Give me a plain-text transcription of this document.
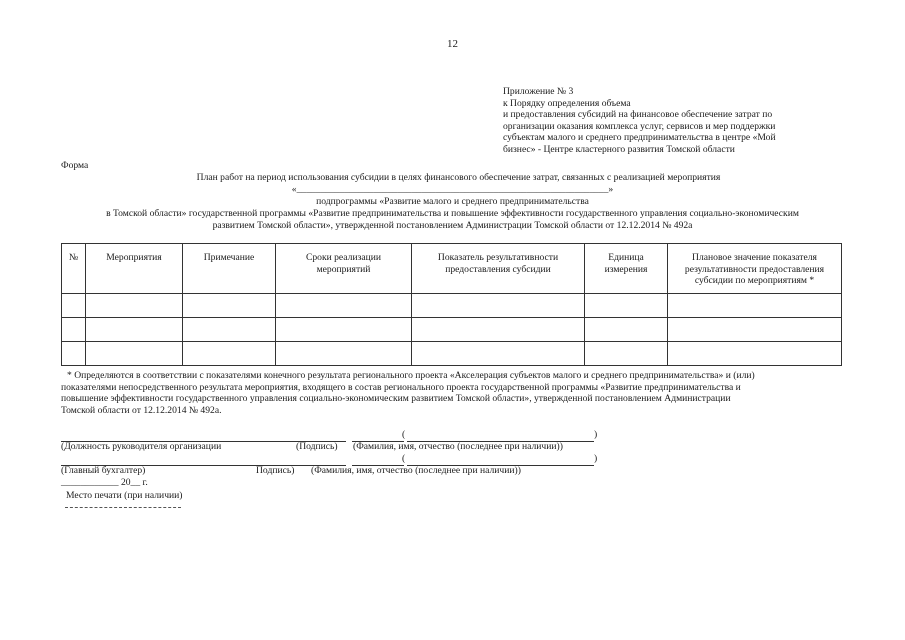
12
Приложение № 3
к Порядку определения объема
и предоставления субсидий на финансовое обеспечение затрат по
организации оказания комплекса услуг, сервисов и мер поддержки
субъектам малого и среднего предпринимательства в центре «Мой
бизнес» - Центре кластерного развития Томской области
Форма
План работ на период использования субсидии в целях финансового обеспечение затрат, связанных с реализацией мероприятия
«_________________________________________________________________»
подпрограммы «Развитие малого и среднего предпринимательства
в Томской области» государственной программы «Развитие предпринимательства и повышение эффективности государственного управления социально-экономическим
развитием Томской области», утвержденной постановлением Администрации Томской области от 12.12.2014 № 492а
№	Мероприятия	Примечание	Сроки реализации мероприятий	Показатель результативности предоставления субсидии	Единица измерения	Плановое значение показателя результативности предоставления субсидии по мероприятиям *

* Определяются в соответствии с показателями конечного результата регионального проекта «Акселерация субъектов малого и среднего предпринимательства» и (или)
показателями непосредственного результата мероприятия, входящего в состав регионального проекта государственной программы «Развитие предпринимательства и
повышение эффективности государственного управления социально-экономическим развитием Томской области», утвержденной постановлением Администрации
Томской области от 12.12.2014 № 492а.
(	)
(Должность руководителя организации	(Подпись) (Фамилия, имя, отчество (последнее при наличии))
(	)
(Главный бухгалтер)	Подпись) (Фамилия, имя, отчество (последнее при наличии))
____________ 20__ г.
Место печати (при наличии)
